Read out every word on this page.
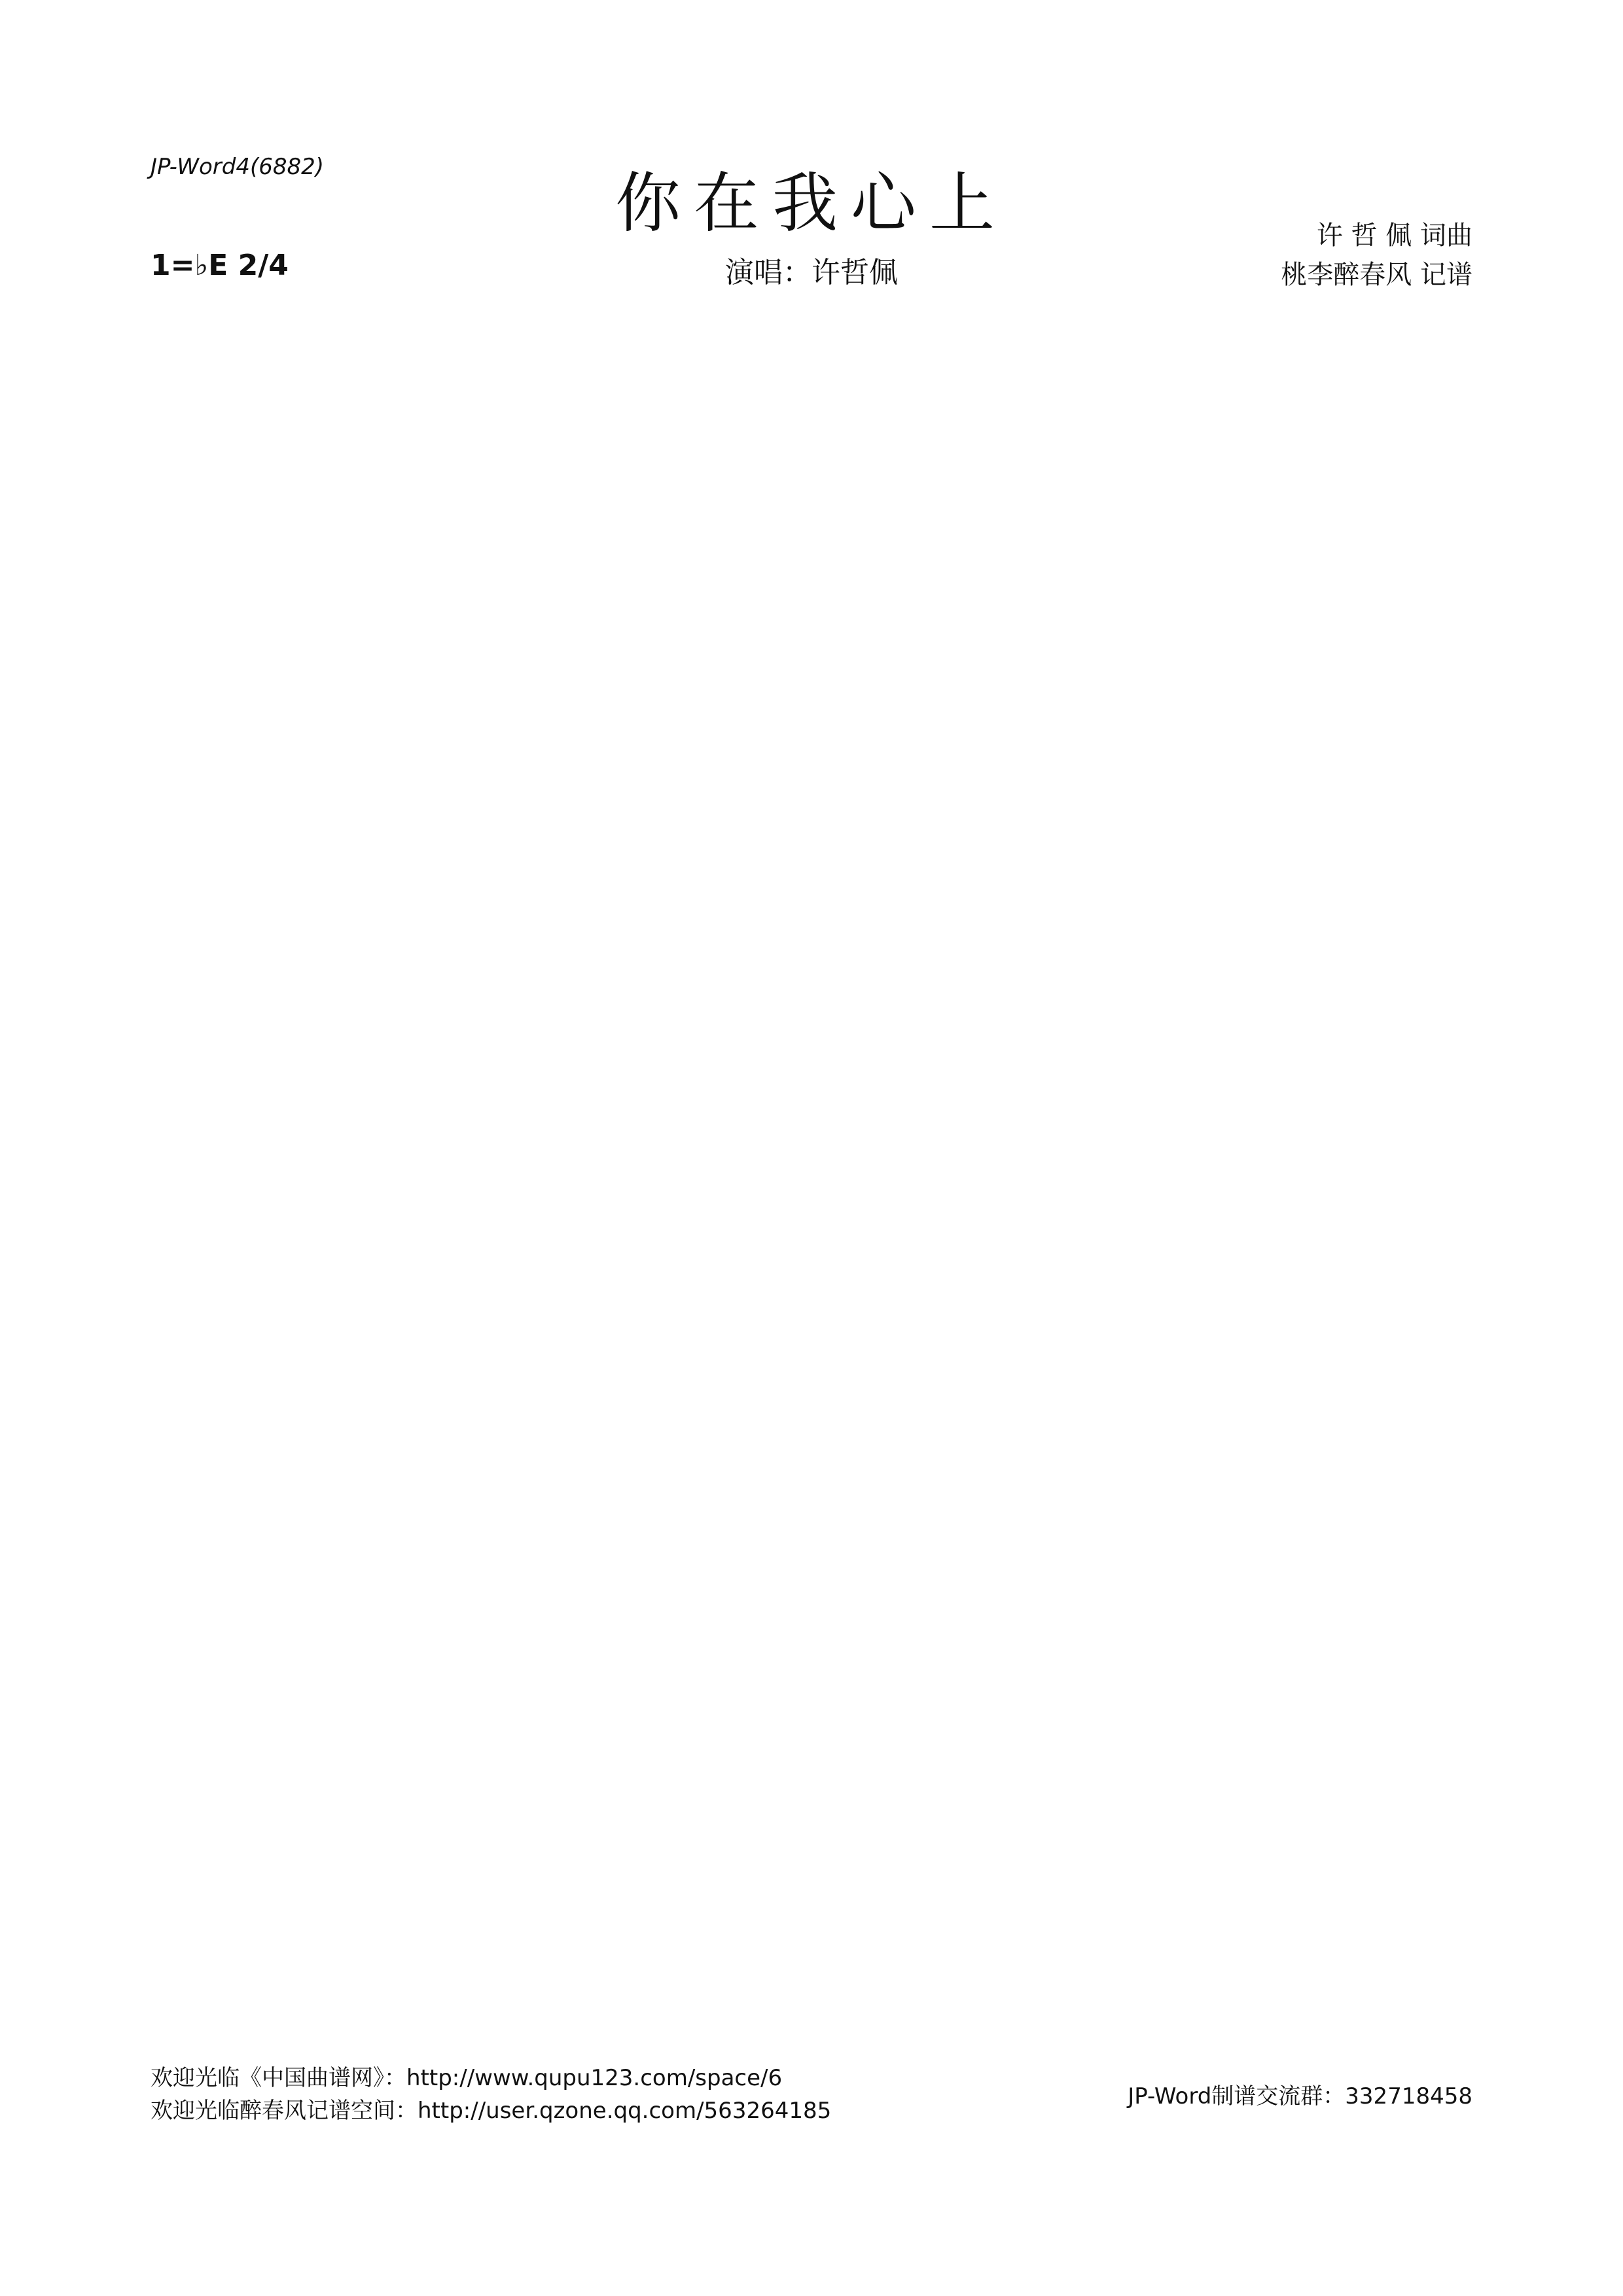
JP-Word4(6882)	你在我心上	许 哲 佩 词曲
桃李醉春风 记谱
1=♭E 2/4	演唱：许哲佩
欢迎光临《中国曲谱网》：http://www.qupu123.com/space/6
欢迎光临醉春风记谱空间：http://user.qzone.qq.com/563264185
JP-Word制谱交流群：332718458
